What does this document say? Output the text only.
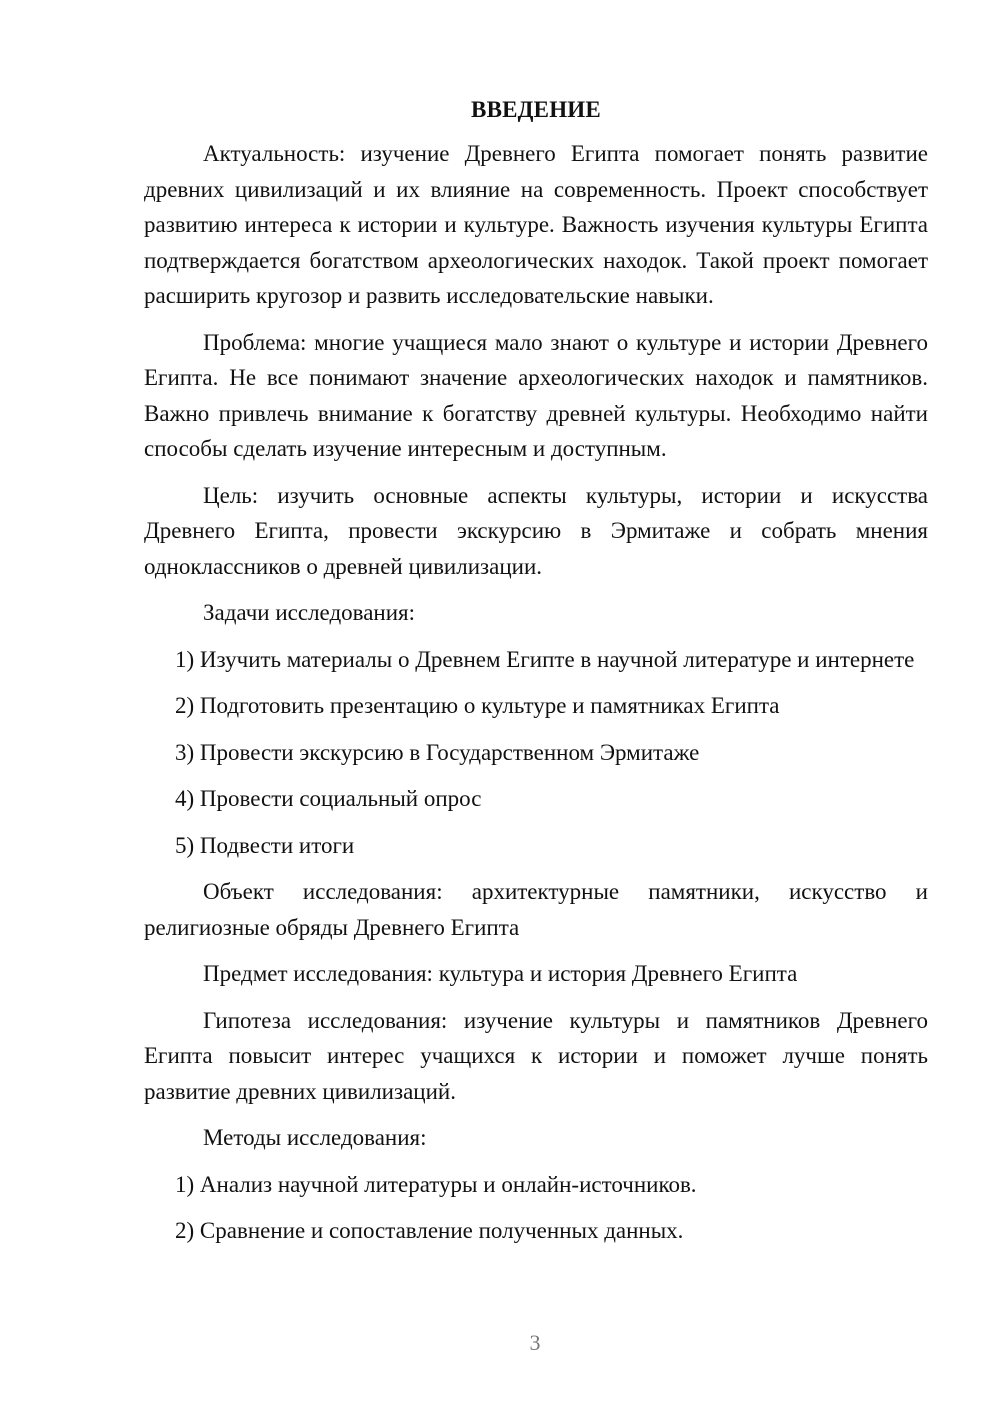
ВВЕДЕНИЕ

Актуальность: изучение Древнего Египта помогает понять развитие древних цивилизаций и их влияние на современность. Проект способствует развитию интереса к истории и культуре. Важность изучения культуры Египта подтверждается богатством археологических находок. Такой проект помогает расширить кругозор и развить исследовательские навыки.

Проблема: многие учащиеся мало знают о культуре и истории Древнего Египта. Не все понимают значение археологических находок и памятников. Важно привлечь внимание к богатству древней культуры. Необходимо найти способы сделать изучение интересным и доступным.

Цель: изучить основные аспекты культуры, истории и искусства Древнего Египта, провести экскурсию в Эрмитаже и собрать мнения одноклассников о древней цивилизации.

Задачи исследования:

1) Изучить материалы о Древнем Египте в научной литературе и интернете

2) Подготовить презентацию о культуре и памятниках Египта

3) Провести экскурсию в Государственном Эрмитаже

4) Провести социальный опрос

5) Подвести итоги

Объект исследования: архитектурные памятники, искусство и религиозные обряды Древнего Египта

Предмет исследования: культура и история Древнего Египта

Гипотеза исследования: изучение культуры и памятников Древнего Египта повысит интерес учащихся к истории и поможет лучше понять развитие древних цивилизаций.

Методы исследования:

1) Анализ научной литературы и онлайн-источников.

2) Сравнение и сопоставление полученных данных.

3
